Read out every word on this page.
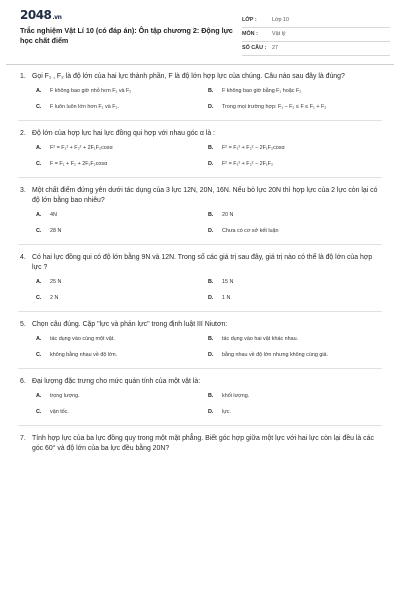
2048.vn
Trắc nghiệm Vật Lí 10 (có đáp án): Ôn tập chương 2: Động lực học chất điểm
LỚP :	Lớp 10
MÔN :	Vật lý
SỐ CÂU : 27
1. Gọi F₁ , F₂ là độ lớn của hai lực thành phần, F là độ lớn hợp lực của chúng. Câu nào sau đây là đúng?
A.	F không bao giờ nhỏ hơn F₁ và F₂	B.	F không bao giờ bằng F₁ hoặc F₂
C.	F luôn luôn lớn hơn F₁ và F₂.	D.	Trong mọi trường hợp: F₁ – F₂ ≤ F ≤ F₁ + F₂
2. Độ lớn của hợp lực hai lực đồng qui hợp với nhau góc α là :
A.	F² = F₁² + F₂² + 2F₁F₂cosα	B.	F² = F₁² + F₂² − 2F₁F₂cosα
C.	F = F₁ + F₂ + 2F₁F₂cosα	D.	F² = F₁² + F₂² − 2F₁F₂
3. Một chất điểm đứng yên dưới tác dụng của 3 lực 12N, 20N, 16N. Nếu bỏ lực 20N thì hợp lực của 2 lực còn lại có độ lớn bằng bao nhiêu?
A.	4N	B.	20 N
C.	28 N	D.	Chưa có cơ sở kết luận
4. Có hai lực đồng qui có độ lớn bằng 9N và 12N. Trong số các giá trị sau đây, giá trị nào có thể là độ lớn của hợp lực ?
A.	25 N	B.	15 N
C.	2 N	D.	1 N
5. Chọn câu đúng. Cặp "lực và phản lực" trong định luật III Niutơn:
A.	tác dụng vào cùng một vật.	B.	tác dụng vào hai vật khác nhau.
C.	không bằng nhau về độ lớn.	D.	bằng nhau về độ lớn nhưng không cùng giá.
6. Đại lượng đặc trưng cho mức quán tính của một vật là:
A.	trọng lượng.	B.	khối lượng.
C.	vận tốc.	D.	lực.
7. Tính hợp lực của ba lực đồng quy trong một mặt phẳng. Biết góc hợp giữa một lực với hai lực còn lại đều là các góc 60° và độ lớn của ba lực đều bằng 20N?
